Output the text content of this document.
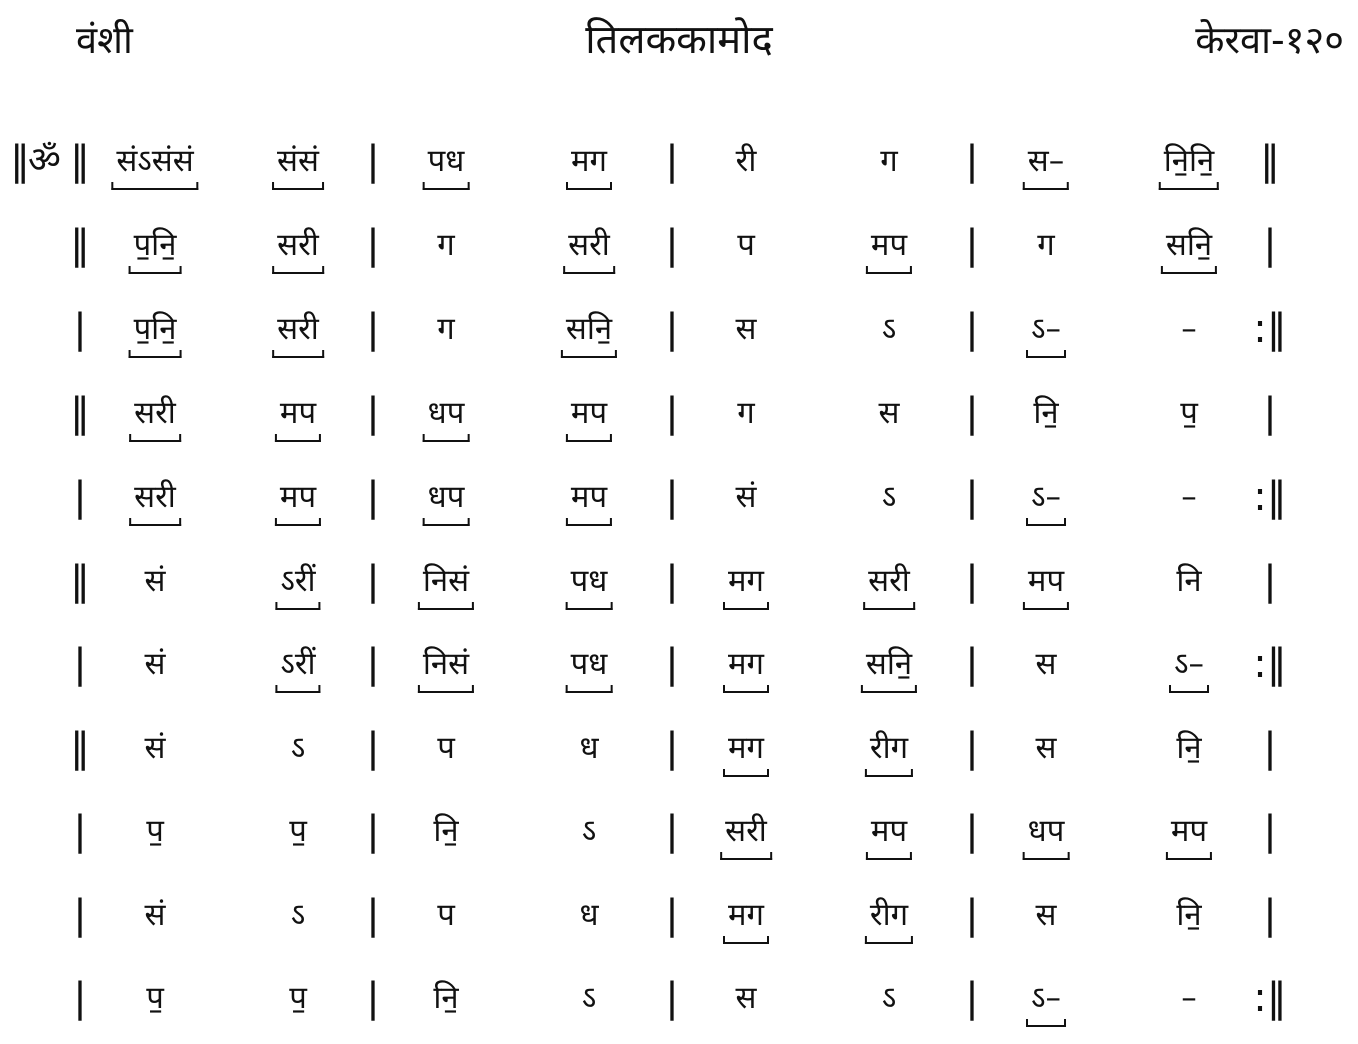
वंशी	तिलककामोद	केरवा-१२०
ॐ
‖ ‖	|	|	|	‖
संऽसंसं	संसं	पध	मग	री	ग	स–	नि॒नि॒
‖	|	|	|	|
प॒नि॒	सरी	ग	सरी	प	मप	ग	सनि॒
|	|	|	|	:‖
प॒नि॒	सरी	ग	सनि॒	स	ऽ	ऽ–	–
‖	|	|	|	|
सरी	मप	धप	मप	ग	स	नि॒	प॒
|	|	|	|	:‖
सरी	मप	धप	मप	सं	ऽ	ऽ–	–
‖	|	|	|	|
सं	ऽरीं	निसं	पध	मग	सरी	मप	नि
|	|	|	|	:‖
सं	ऽरीं	निसं	पध	मग	सनि॒	स	ऽ–
‖	|	|	|	|
सं	ऽ	प	ध	मग	रीग	स	नि॒
|	|	|	|	|
प॒	प॒	नि॒	ऽ	सरी	मप	धप	मप
|	|	|	|	|
सं	ऽ	प	ध	मग	रीग	स	नि॒
|	|	|	|	:‖
प॒	प॒	नि॒	ऽ	स	ऽ	ऽ–	–
